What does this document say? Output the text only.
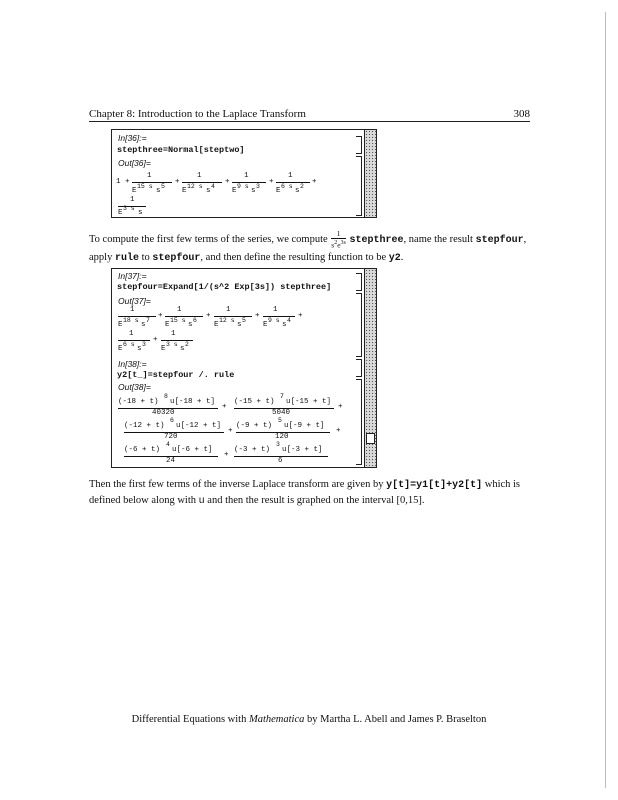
Chapter 8: Introduction to the Laplace Transform	308
In[36]:=
stepthree=Normal[steptwo]
Out[36]=
1 +
1
E
15 s
s
5
+
1
E
12 s
s
4
+
1
E
9 s
s
3
+
1
E
6 s
s
2
+
1
E
3 s
s
To compute the first few terms of the series, we compute $\frac{1}{s^2e^{3s}}$ stepthree, name the result stepfour, apply rule to stepfour, and then define the resulting function to be y2.
In[37]:=
stepfour=Expand[1/(s^2 Exp[3s]) stepthree]
Out[37]=
1
E
18 s
s
7
+
1
E
15 s
s
6
+
1
E
12 s
s
5
+
1
E
9 s
s
4
+
1
E
6 s
s
3
+
1
E
3 s
s
2
In[38]:=
y2[t_]=stepfour /. rule
Out[38]=
(-18 + t)
8
u[-18 + t]
40320
+
(-15 + t)
7
u[-15 + t]
5040
+
(-12 + t)
6
u[-12 + t]
720
+
(-9 + t)
5
u[-9 + t]
120
+
(-6 + t)
4
u[-6 + t]
24
+
(-3 + t)
3
u[-3 + t]
6
Then the first few terms of the inverse Laplace transform are given by y[t]=y1[t]+y2[t] which is defined below along with u and then the result is graphed on the interval [0,15].
Differential Equations with Mathematica by Martha L. Abell and James P. Braselton
